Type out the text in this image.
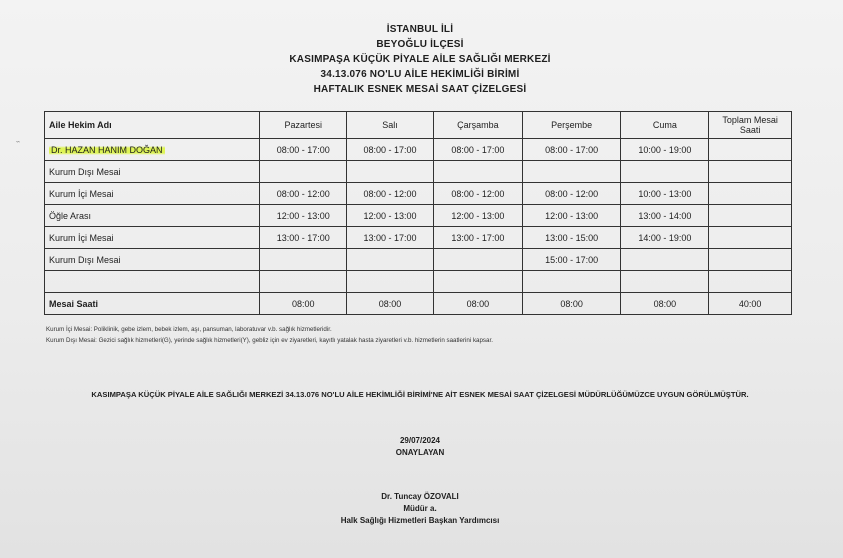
İSTANBUL İLİ
BEYOĞLU İLÇESİ
KASIMPAŞA KÜÇÜK PİYALE AİLE SAĞLIĞI MERKEZİ
34.13.076 NO'LU AİLE HEKİMLİĞİ BİRİMİ
HAFTALIK ESNEK MESAİ SAAT ÇİZELGESİ
Aile Hekim Adı	Pazartesi	Salı	Çarşamba	Perşembe	Cuma	Toplam Mesai Saati
Dr. HAZAN HANIM DOĞAN	08:00 - 17:00	08:00 - 17:00	08:00 - 17:00	08:00 - 17:00	10:00 - 19:00	
Kurum Dışı Mesai						
Kurum İçi Mesai	08:00 - 12:00	08:00 - 12:00	08:00 - 12:00	08:00 - 12:00	10:00 - 13:00	
Öğle Arası	12:00 - 13:00	12:00 - 13:00	12:00 - 13:00	12:00 - 13:00	13:00 - 14:00	
Kurum İçi Mesai	13:00 - 17:00	13:00 - 17:00	13:00 - 17:00	13:00 - 15:00	14:00 - 19:00	
Kurum Dışı Mesai				15:00 - 17:00		

Mesai Saati	08:00	08:00	08:00	08:00	08:00	40:00
Kurum İçi Mesai: Poliklinik, gebe izlem, bebek izlem, aşı, pansuman, laboratuvar v.b. sağlık hizmetleridir.
Kurum Dışı Mesai: Gezici sağlık hizmetleri(G), yerinde sağlık hizmetleri(Y), gebliz için ev ziyaretleri, kayıtlı yatalak hasta ziyaretleri v.b. hizmetlerin saatlerini kapsar.
KASIMPAŞA KÜÇÜK PİYALE AİLE SAĞLIĞI MERKEZİ 34.13.076 NO'LU AİLE HEKİMLİĞİ BİRİMİ'NE AİT ESNEK MESAİ SAAT ÇİZELGESİ MÜDÜRLÜĞÜMÜZCE UYGUN GÖRÜLMÜŞTÜR.
29/07/2024
ONAYLAYAN
Dr. Tuncay ÖZOVALI
Müdür a.
Halk Sağlığı Hizmetleri Başkan Yardımcısı
